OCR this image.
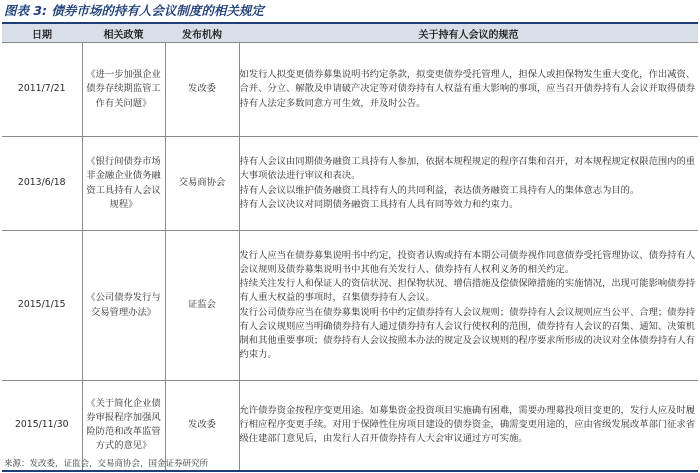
图表 3: 债券市场的持有人会议制度的相关规定
日期	相关政策	发布机构	关于持有人会议的规范
2011/7/21	《进一步加强企业债券存续期监管工作有关问题》	发改委	如发行人拟变更债券募集说明书约定条款，拟变更债券受托管理人，担保人或担保物发生重大变化，作出减资、合并、分立、解散及申请破产决定等对债券持有人权益有重大影响的事项，应当召开债券持有人会议并取得债券持有人法定多数同意方可生效，并及时公告。

2013/6/18	《银行间债券市场非金融企业债务融资工具持有人会议规程》	交易商协会	持有人会议由同期债务融资工具持有人参加，依据本规程规定的程序召集和召开，对本规程规定权限范围内的重大事项依法进行审议和表决。
持有人会议以维护债务融资工具持有人的共同利益，表达债务融资工具持有人的集体意志为目的。
持有人会议决议对同期债务融资工具持有人具有同等效力和约束力。

2015/1/15	《公司债券发行与交易管理办法》	证监会	发行人应当在债券募集说明书中约定，投资者认购或持有本期公司债券视作同意债券受托管理协议、债券持有人会议规则及债券募集说明书中其他有关发行人、债券持有人权利义务的相关约定。
持续关注发行人和保证人的资信状况、担保物状况、增信措施及偿债保障措施的实施情况，出现可能影响债券持有人重大权益的事项时，召集债券持有人会议。
发行公司债券应当在债券募集说明书中约定债券持有人会议规则；债券持有人会议规则应当公平、合理；债券持有人会议规则应当明确债券持有人通过债券持有人会议行使权利的范围，债券持有人会议的召集、通知、决策机制和其他重要事项；债券持有人会议按照本办法的规定及会议规则的程序要求所形成的决议对全体债券持有人有约束力。

2015/11/30	《关于简化企业债券审报程序加强风险防范和改革监管方式的意见》	发改委	允许债券资金按程序变更用途。如募集资金投资项目实施确有困难，需要办理募投项目变更的，发行人应及时履行相应程序变更手续。对用于保障性住房项目建设的债券资金，确需变更用途的，应由省级发展改革部门征求省级住建部门意见后，由发行人召开债券持有人大会审议通过方可实施。
来源：发改委，证监会，交易商协会，国金证券研究所
